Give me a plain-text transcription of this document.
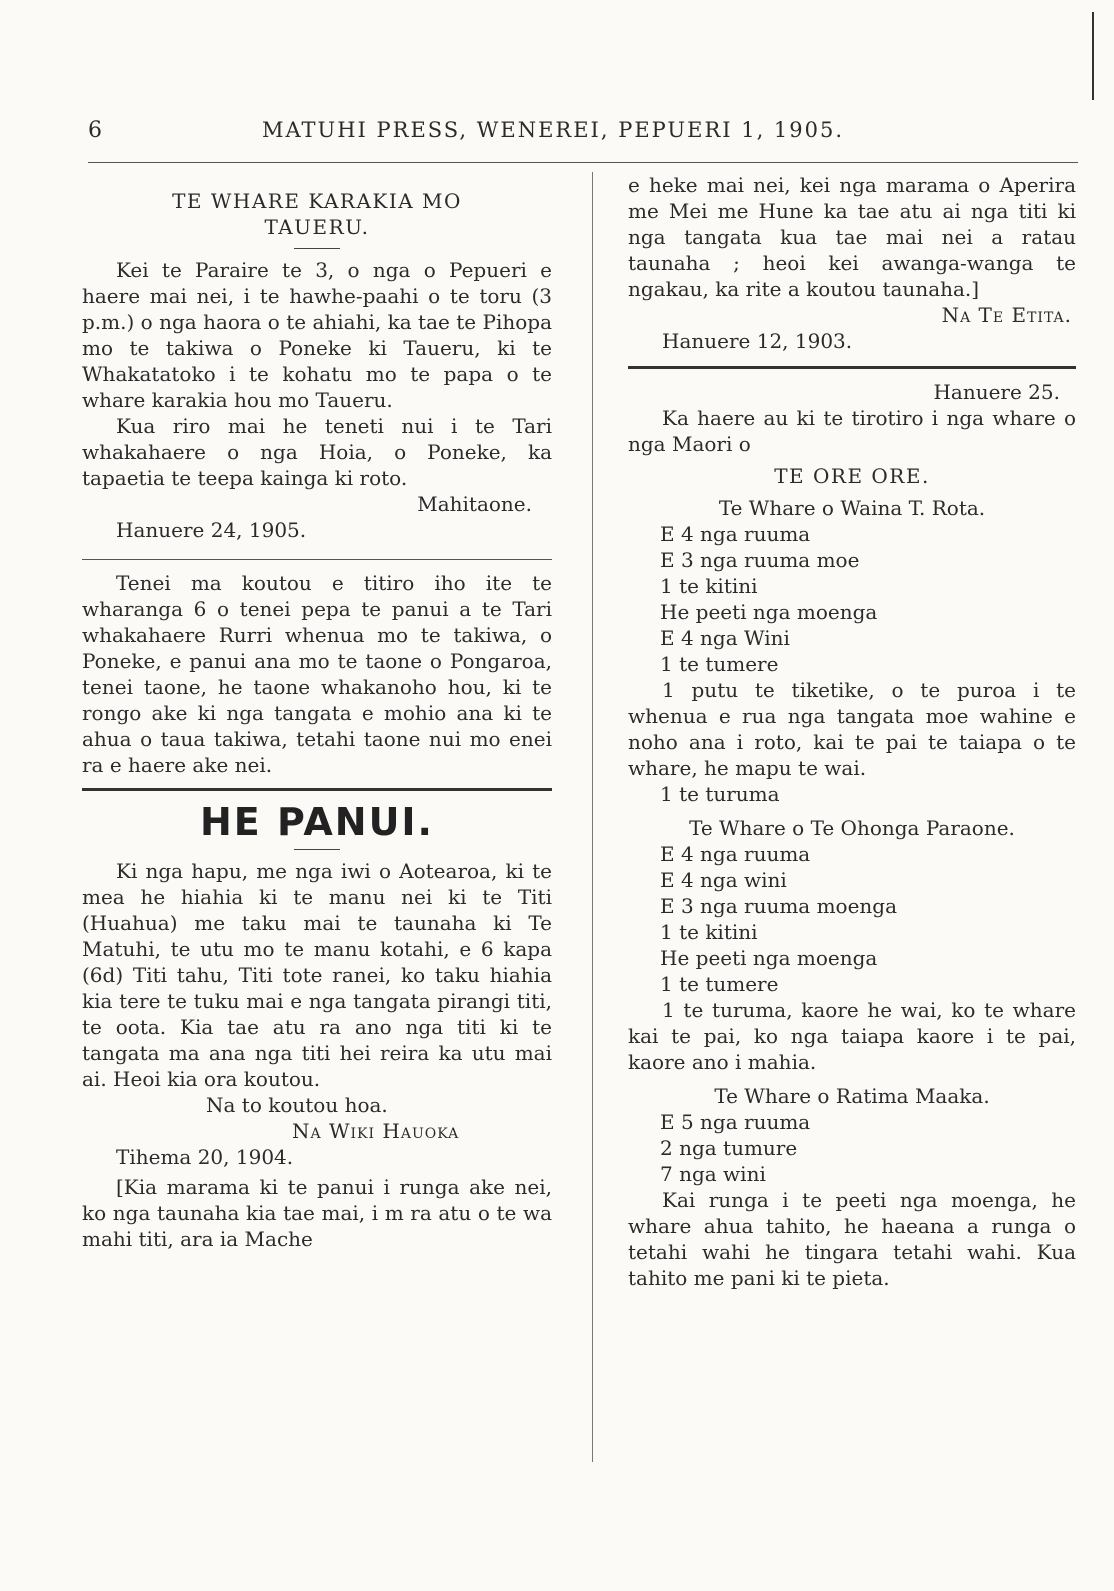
6	MATUHI PRESS, WENEREI, PEPUERI 1, 1905.

TE WHARE KARAKIA MO TAUERU.

Kei te Paraire te 3, o nga o Pepueri e haere mai nei, i te hawhe-paahi o te toru (3 p.m.) o nga haora o te ahiahi, ka tae te Pihopa mo te takiwa o Poneke ki Taueru, ki te Whakatatoko i te kohatu mo te papa o te whare karakia hou mo Taueru.

Kua riro mai he teneti nui i te Tari whakahaere o nga Hoia, o Poneke, ka tapaetia te teepa kainga ki roto.

Mahitaone.

Hanuere 24, 1905.

Tenei ma koutou e titiro iho ite te wharanga 6 o tenei pepa te panui a te Tari whakahaere Rurri whenua mo te takiwa, o Poneke, e panui ana mo te taone o Pongaroa, tenei taone, he taone whakanoho hou, ki te rongo ake ki nga tangata e mohio ana ki te ahua o taua takiwa, tetahi taone nui mo enei ra e haere ake nei.

HE PANUI.

Ki nga hapu, me nga iwi o Aotearoa, ki te mea he hiahia ki te manu nei ki te Titi (Huahua) me taku mai te taunaha ki Te Matuhi, te utu mo te manu kotahi, e 6 kapa (6d) Titi tahu, Titi tote ranei, ko taku hiahia kia tere te tuku mai e nga tangata pirangi titi, te oota. Kia tae atu ra ano nga titi ki te tangata ma ana nga titi hei reira ka utu mai ai. Heoi kia ora koutou.

Na to koutou hoa.

Na Wiki Hauoka

Tihema 20, 1904.

[Kia marama ki te panui i runga ake nei, ko nga taunaha kia tae mai, i m ra atu o te wa mahi titi, ara ia Mache

e heke mai nei, kei nga marama o Aperira me Mei me Hune ka tae atu ai nga titi ki nga tangata kua tae mai nei a ratau taunaha ; heoi kei awanga-wanga te ngakau, ka rite a koutou taunaha.]

Na Te Etita.

Hanuere 12, 1903.

Hanuere 25.

Ka haere au ki te tirotiro i nga whare o nga Maori o

TE ORE ORE.

Te Whare o Waina T. Rota.

E 4 nga ruuma

E 3 nga ruuma moe

1 te kitini

He peeti nga moenga

E 4 nga Wini

1 te tumere

1 putu te tiketike, o te puroa i te whenua e rua nga tangata moe wahine e noho ana i roto, kai te pai te taiapa o te whare, he mapu te wai.

1 te turuma

Te Whare o Te Ohonga Paraone.

E 4 nga ruuma

E 4 nga wini

E 3 nga ruuma moenga

1 te kitini

He peeti nga moenga

1 te tumere

1 te turuma, kaore he wai, ko te whare kai te pai, ko nga taiapa kaore i te pai, kaore ano i mahia.

Te Whare o Ratima Maaka.

E 5 nga ruuma

2 nga tumure

7 nga wini

Kai runga i te peeti nga moenga, he whare ahua tahito, he haeana a runga o tetahi wahi he tingara tetahi wahi. Kua tahito me pani ki te pieta.
